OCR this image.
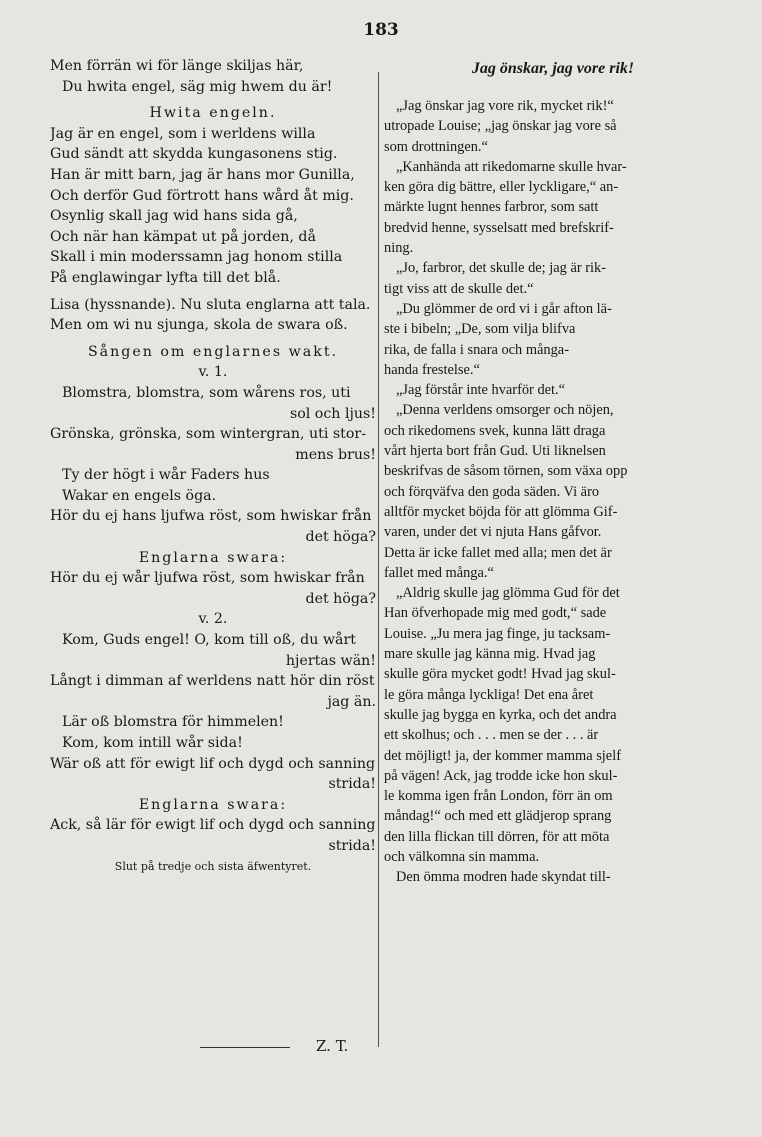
183
Men förrän wi för länge skiljas här,
Du hwita engel, säg mig hwem du är!
Hwita engeln.
Jag är en engel, som i werldens willa
Gud sändt att skydda kungasonens stig.
Han är mitt barn, jag är hans mor Gunilla,
Och derför Gud förtrott hans wård åt mig.
Osynlig skall jag wid hans sida gå,
Och när han kämpat ut på jorden, då
Skall i min moderssamn jag honom stilla
På englawingar lyfta till det blå.
Lisa (hyssnande). Nu sluta englarna att tala.
Men om wi nu sjunga, skola de swara oß.
Sången om englarnes wakt.
v. 1.
Blomstra, blomstra, som wårens ros, uti
sol och ljus!
Grönska, grönska, som wintergran, uti stor-
mens brus!
Ty der högt i wår Faders hus
Wakar en engels öga.
Hör du ej hans ljufwa röst, som hwiskar från
det höga?
Englarna swara:
Hör du ej wår ljufwa röst, som hwiskar från
det höga?
v. 2.
Kom, Guds engel! O, kom till oß, du wårt
hjertas wän!
Långt i dimman af werldens natt hör din röst
jag än.
Lär oß blomstra för himmelen!
Kom, kom intill wår sida!
Wär oß att för ewigt lif och dygd och sanning
strida!
Englarna swara:
Ack, så lär för ewigt lif och dygd och sanning
strida!
Slut på tredje och sista äfwentyret.
Z. T.
Jag önskar, jag vore rik!
„Jag önskar jag vore rik, mycket rik!“
utropade Louise; „jag önskar jag vore så
som drottningen.“
„Kanhända att rikedomarne skulle hvar-
ken göra dig bättre, eller lyckligare,“ an-
märkte lugnt hennes farbror, som satt
bredvid henne, sysselsatt med brefskrif-
ning.
„Jo, farbror, det skulle de; jag är rik-
tigt viss att de skulle det.“
„Du glömmer de ord vi i går afton lä-
ste i bibeln; „De, som vilja blifva
rika, de falla i snara och många-
handa frestelse.“
„Jag förstår inte hvarför det.“
„Denna verldens omsorger och nöjen,
och rikedomens svek, kunna lätt draga
vårt hjerta bort från Gud. Uti liknelsen
beskrifvas de såsom törnen, som växa opp
och förqväfva den goda säden. Vi äro
alltför mycket böjda för att glömma Gif-
varen, under det vi njuta Hans gåfvor.
Detta är icke fallet med alla; men det är
fallet med många.“
„Aldrig skulle jag glömma Gud för det
Han öfverhopade mig med godt,“ sade
Louise. „Ju mera jag finge, ju tacksam-
mare skulle jag känna mig. Hvad jag
skulle göra mycket godt! Hvad jag skul-
le göra många lyckliga! Det ena året
skulle jag bygga en kyrka, och det andra
ett skolhus; och . . . men se der . . . är
det möjligt! ja, der kommer mamma sjelf
på vägen! Ack, jag trodde icke hon skul-
le komma igen från London, förr än om
måndag!“ och med ett glädjerop sprang
den lilla flickan till dörren, för att möta
och välkomna sin mamma.
Den ömma modren hade skyndat till-
